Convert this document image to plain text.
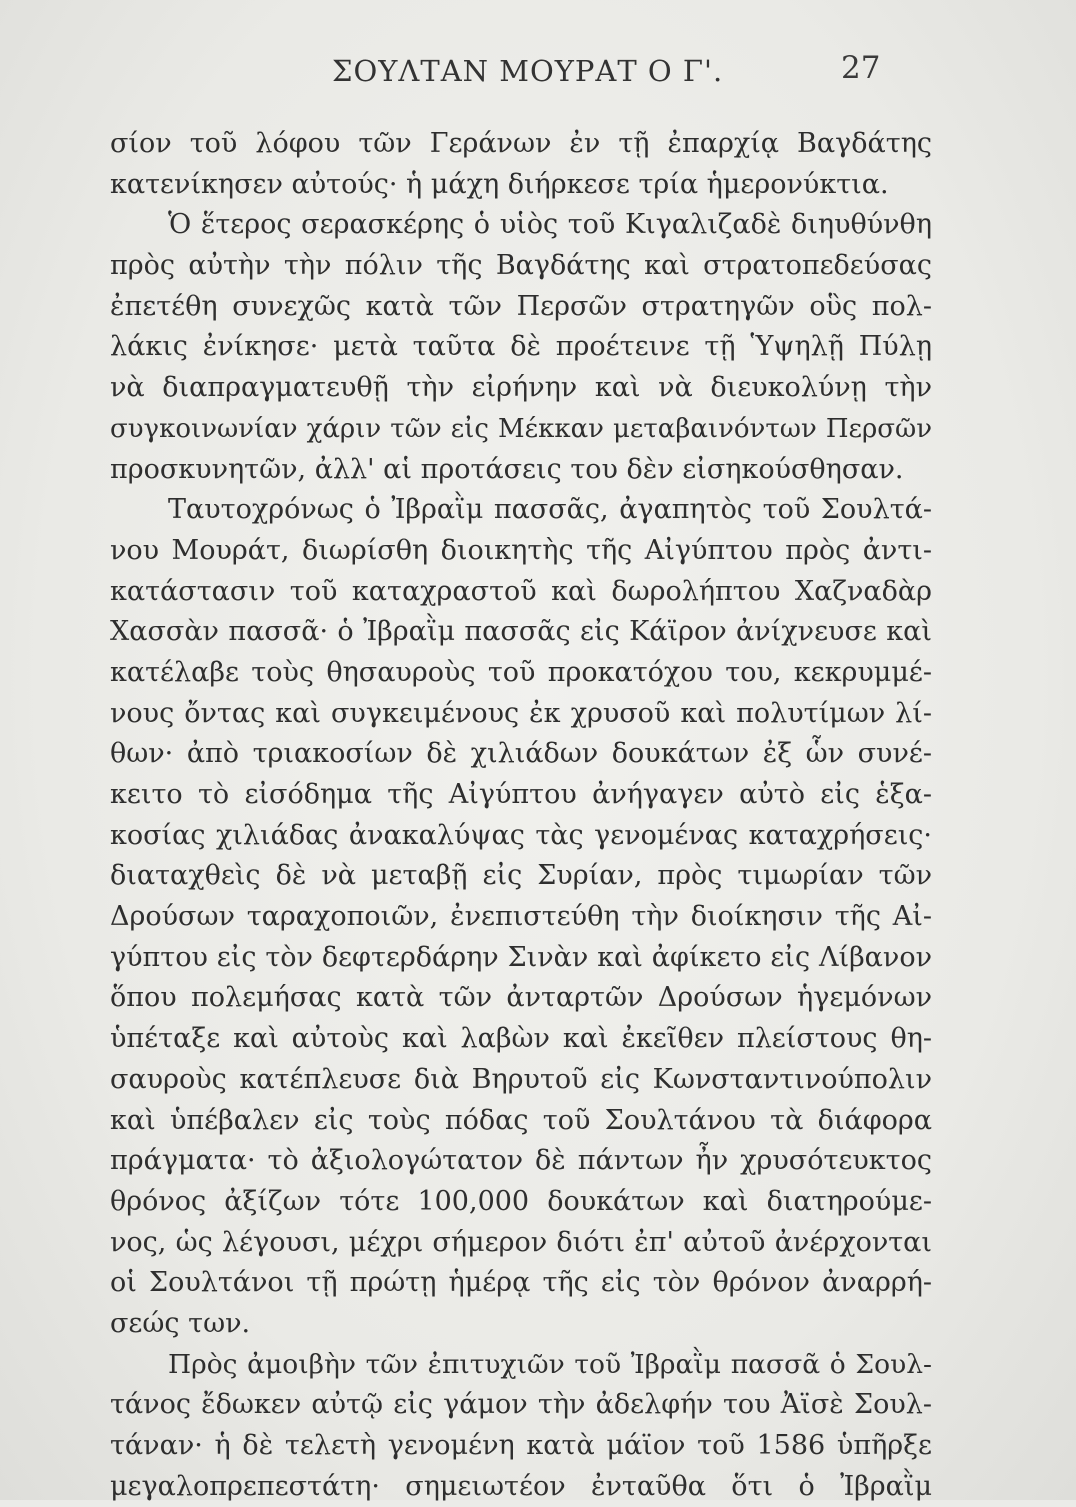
ΣΟΥΛΤΑΝ ΜΟΥΡΑΤ Ο Γ'.	27
σίον τοῦ λόφου τῶν Γεράνων ἐν τῇ ἐπαρχίᾳ Βαγδάτης
κατενίκησεν αὐτούς· ἡ μάχη διήρκεσε τρία ἡμερονύκτια.
Ὁ ἕτερος σερασκέρης ὁ υἱὸς τοῦ Κιγαλιζαδὲ διηυθύνθη
πρὸς αὐτὴν τὴν πόλιν τῆς Βαγδάτης καὶ στρατοπεδεύσας
ἐπετέθη συνεχῶς κατὰ τῶν Περσῶν στρατηγῶν οὓς πολ-
λάκις ἐνίκησε· μετὰ ταῦτα δὲ προέτεινε τῇ Ὑψηλῇ Πύλῃ
νὰ διαπραγματευθῇ τὴν εἰρήνην καὶ νὰ διευκολύνῃ τὴν
συγκοινωνίαν χάριν τῶν εἰς Μέκκαν μεταβαινόντων Περσῶν
προσκυνητῶν, ἀλλ' αἱ προτάσεις του δὲν εἰσηκούσθησαν.
Ταυτοχρόνως ὁ Ἰβραῒμ πασσᾶς, ἀγαπητὸς τοῦ Σουλτά-
νου Μουράτ, διωρίσθη διοικητὴς τῆς Αἰγύπτου πρὸς ἀντι-
κατάστασιν τοῦ καταχραστοῦ καὶ δωρολήπτου Χαζναδὰρ
Χασσὰν πασσᾶ· ὁ Ἰβραῒμ πασσᾶς εἰς Κάϊρον ἀνίχνευσε καὶ
κατέλαβε τοὺς θησαυροὺς τοῦ προκατόχου του, κεκρυμμέ-
νους ὄντας καὶ συγκειμένους ἐκ χρυσοῦ καὶ πολυτίμων λί-
θων· ἀπὸ τριακοσίων δὲ χιλιάδων δουκάτων ἐξ ὧν συνέ-
κειτο τὸ εἰσόδημα τῆς Αἰγύπτου ἀνήγαγεν αὐτὸ εἰς ἑξα-
κοσίας χιλιάδας ἀνακαλύψας τὰς γενομένας καταχρήσεις·
διαταχθεὶς δὲ νὰ μεταβῇ εἰς Συρίαν, πρὸς τιμωρίαν τῶν
Δρούσων ταραχοποιῶν, ἐνεπιστεύθη τὴν διοίκησιν τῆς Αἰ-
γύπτου εἰς τὸν δεφτερδάρην Σινὰν καὶ ἀφίκετο εἰς Λίβανον
ὅπου πολεμήσας κατὰ τῶν ἀνταρτῶν Δρούσων ἡγεμόνων
ὑπέταξε καὶ αὐτοὺς καὶ λαβὼν καὶ ἐκεῖθεν πλείστους θη-
σαυροὺς κατέπλευσε διὰ Βηρυτοῦ εἰς Κωνσταντινούπολιν
καὶ ὑπέβαλεν εἰς τοὺς πόδας τοῦ Σουλτάνου τὰ διάφορα
πράγματα· τὸ ἀξιολογώτατον δὲ πάντων ἦν χρυσότευκτος
θρόνος ἀξίζων τότε 100,000 δουκάτων καὶ διατηρούμε-
νος, ὡς λέγουσι, μέχρι σήμερον διότι ἐπ' αὐτοῦ ἀνέρχονται
οἱ Σουλτάνοι τῇ πρώτῃ ἡμέρᾳ τῆς εἰς τὸν θρόνον ἀναρρή-
σεώς των.
Πρὸς ἀμοιβὴν τῶν ἐπιτυχιῶν τοῦ Ἰβραῒμ πασσᾶ ὁ Σουλ-
τάνος ἔδωκεν αὐτῷ εἰς γάμον τὴν ἀδελφήν του Ἀϊσὲ Σουλ-
τάναν· ἡ δὲ τελετὴ γενομένη κατὰ μάϊον τοῦ 1586 ὑπῆρξε
μεγαλοπρεπεστάτη· σημειωτέον ἐνταῦθα ὅτι ὁ Ἰβραῒμ
